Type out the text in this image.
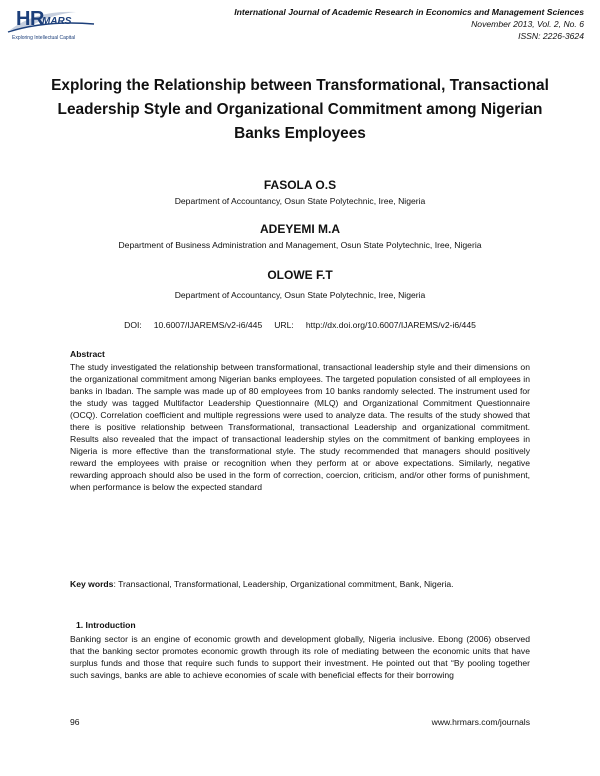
HR
MARS
Exploring Intellectual Capital
International Journal of Academic Research in Economics and Management Sciences
November 2013, Vol. 2, No. 6
ISSN: 2226-3624
Exploring the Relationship between Transformational, Transactional Leadership Style and Organizational Commitment among Nigerian Banks Employees
FASOLA O.S
Department of Accountancy, Osun State Polytechnic, Iree, Nigeria
ADEYEMI M.A
Department of Business Administration and Management, Osun State Polytechnic, Iree, Nigeria
OLOWE F.T
Department of Accountancy, Osun State Polytechnic, Iree, Nigeria
DOI: 10.6007/IJAREMS/v2-i6/445 URL: http://dx.doi.org/10.6007/IJAREMS/v2-i6/445
Abstract
The study investigated the relationship between transformational, transactional leadership style and their dimensions on the organizational commitment among Nigerian banks employees. The targeted population consisted of all employees in banks in Ibadan. The sample was made up of 80 employees from 10 banks randomly selected. The instrument used for the study was tagged Multifactor Leadership Questionnaire (MLQ) and Organizational Commitment Questionnaire (OCQ). Correlation coefficient and multiple regressions were used to analyze data. The results of the study showed that there is positive relationship between Transformational, transactional Leadership and organizational commitment. Results also revealed that the impact of transactional leadership styles on the commitment of banking employees in Nigeria is more effective than the transformational style. The study recommended that managers should positively reward the employees with praise or recognition when they perform at or above expectations. Similarly, negative rewarding approach should also be used in the form of correction, coercion, criticism, and/or other forms of punishment, when performance is below the expected standard
Key words: Transactional, Transformational, Leadership, Organizational commitment, Bank, Nigeria.
1. Introduction
Banking sector is an engine of economic growth and development globally, Nigeria inclusive. Ebong (2006) observed that the banking sector promotes economic growth through its role of mediating between the economic units that have surplus funds and those that require such funds to support their investment. He pointed out that “By pooling together such savings, banks are able to achieve economies of scale with beneficial effects for their borrowing
96	www.hrmars.com/journals
